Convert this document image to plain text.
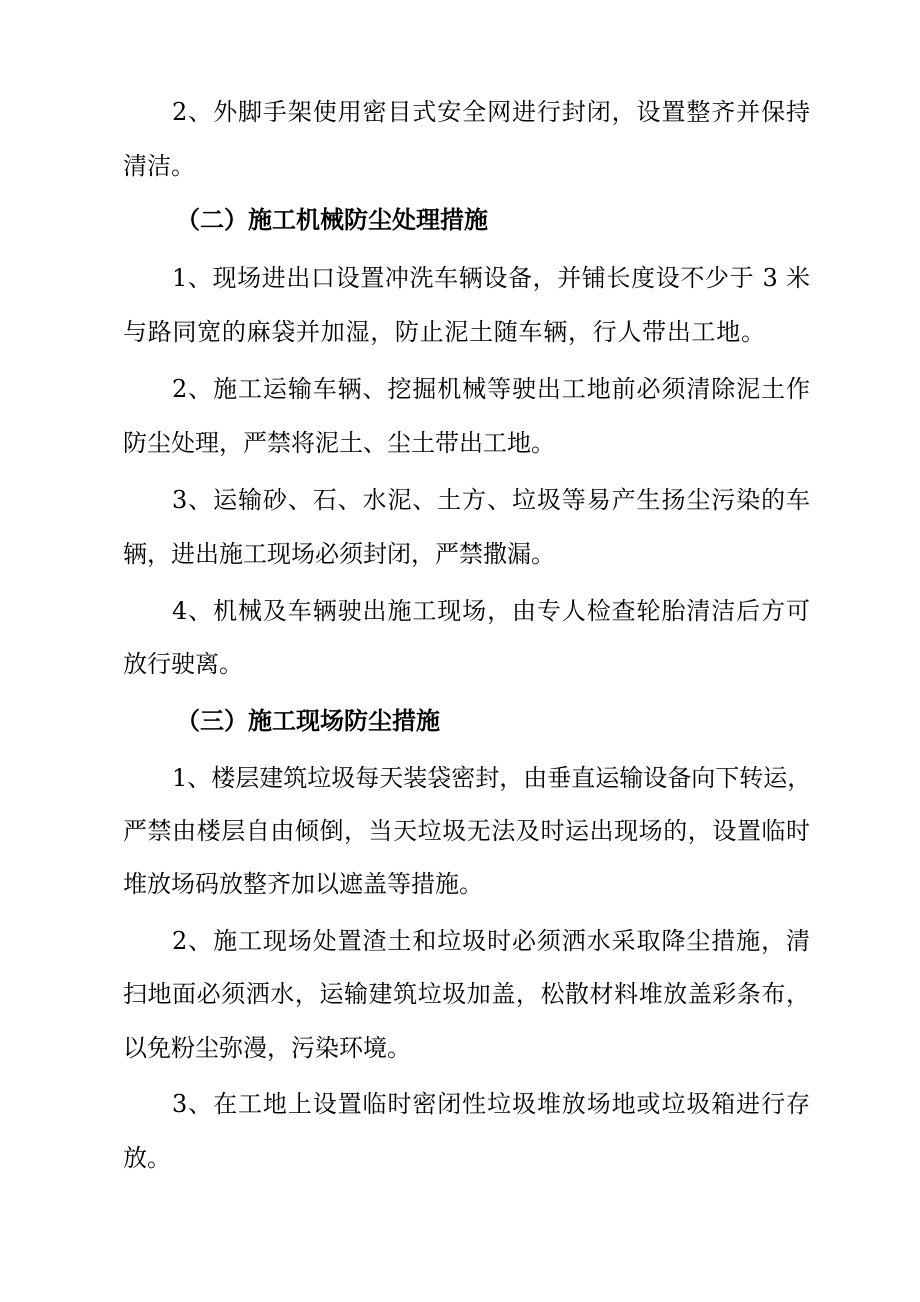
2、外脚手架使用密目式安全网进行封闭，设置整齐并保持
清洁。
（二）施工机械防尘处理措施
1、现场进出口设置冲洗车辆设备，并铺长度设不少于 3 米
与路同宽的麻袋并加湿，防止泥土随车辆，行人带出工地。
2、施工运输车辆、挖掘机械等驶出工地前必须清除泥土作
防尘处理，严禁将泥土、尘土带出工地。
3、运输砂、石、水泥、土方、垃圾等易产生扬尘污染的车
辆，进出施工现场必须封闭，严禁撒漏。
4、机械及车辆驶出施工现场，由专人检查轮胎清洁后方可
放行驶离。
（三）施工现场防尘措施
1、楼层建筑垃圾每天装袋密封，由垂直运输设备向下转运，
严禁由楼层自由倾倒，当天垃圾无法及时运出现场的，设置临时
堆放场码放整齐加以遮盖等措施。
2、施工现场处置渣土和垃圾时必须洒水采取降尘措施，清
扫地面必须洒水，运输建筑垃圾加盖，松散材料堆放盖彩条布，
以免粉尘弥漫，污染环境。
3、在工地上设置临时密闭性垃圾堆放场地或垃圾箱进行存
放。
